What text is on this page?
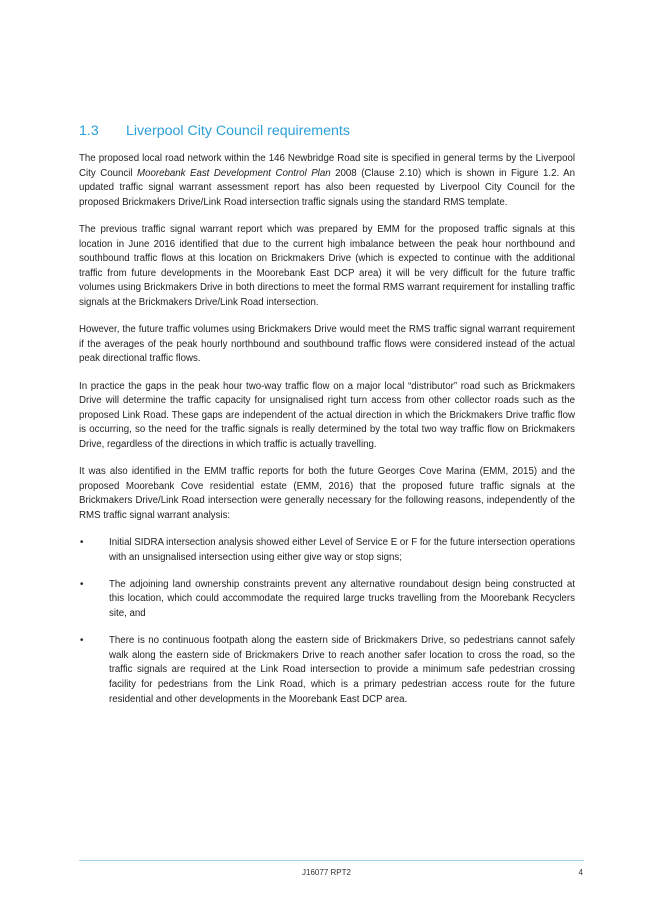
1.3 Liverpool City Council requirements

The proposed local road network within the 146 Newbridge Road site is specified in general terms by the Liverpool City Council Moorebank East Development Control Plan 2008 (Clause 2.10) which is shown in Figure 1.2. An updated traffic signal warrant assessment report has also been requested by Liverpool City Council for the proposed Brickmakers Drive/Link Road intersection traffic signals using the standard RMS template.

The previous traffic signal warrant report which was prepared by EMM for the proposed traffic signals at this location in June 2016 identified that due to the current high imbalance between the peak hour northbound and southbound traffic flows at this location on Brickmakers Drive (which is expected to continue with the additional traffic from future developments in the Moorebank East DCP area) it will be very difficult for the future traffic volumes using Brickmakers Drive in both directions to meet the formal RMS warrant requirement for installing traffic signals at the Brickmakers Drive/Link Road intersection.

However, the future traffic volumes using Brickmakers Drive would meet the RMS traffic signal warrant requirement if the averages of the peak hourly northbound and southbound traffic flows were considered instead of the actual peak directional traffic flows.

In practice the gaps in the peak hour two-way traffic flow on a major local “distributor” road such as Brickmakers Drive will determine the traffic capacity for unsignalised right turn access from other collector roads such as the proposed Link Road. These gaps are independent of the actual direction in which the Brickmakers Drive traffic flow is occurring, so the need for the traffic signals is really determined by the total two way traffic flow on Brickmakers Drive, regardless of the directions in which traffic is actually travelling.

It was also identified in the EMM traffic reports for both the future Georges Cove Marina (EMM, 2015) and the proposed Moorebank Cove residential estate (EMM, 2016) that the proposed future traffic signals at the Brickmakers Drive/Link Road intersection were generally necessary for the following reasons, independently of the RMS traffic signal warrant analysis:

•	Initial SIDRA intersection analysis showed either Level of Service E or F for the future intersection operations with an unsignalised intersection using either give way or stop signs;
•	The adjoining land ownership constraints prevent any alternative roundabout design being constructed at this location, which could accommodate the required large trucks travelling from the Moorebank Recyclers site, and
•	There is no continuous footpath along the eastern side of Brickmakers Drive, so pedestrians cannot safely walk along the eastern side of Brickmakers Drive to reach another safer location to cross the road, so the traffic signals are required at the Link Road intersection to provide a minimum safe pedestrian crossing facility for pedestrians from the Link Road, which is a primary pedestrian access route for the future residential and other developments in the Moorebank East DCP area.
J16077 RPT2	4
